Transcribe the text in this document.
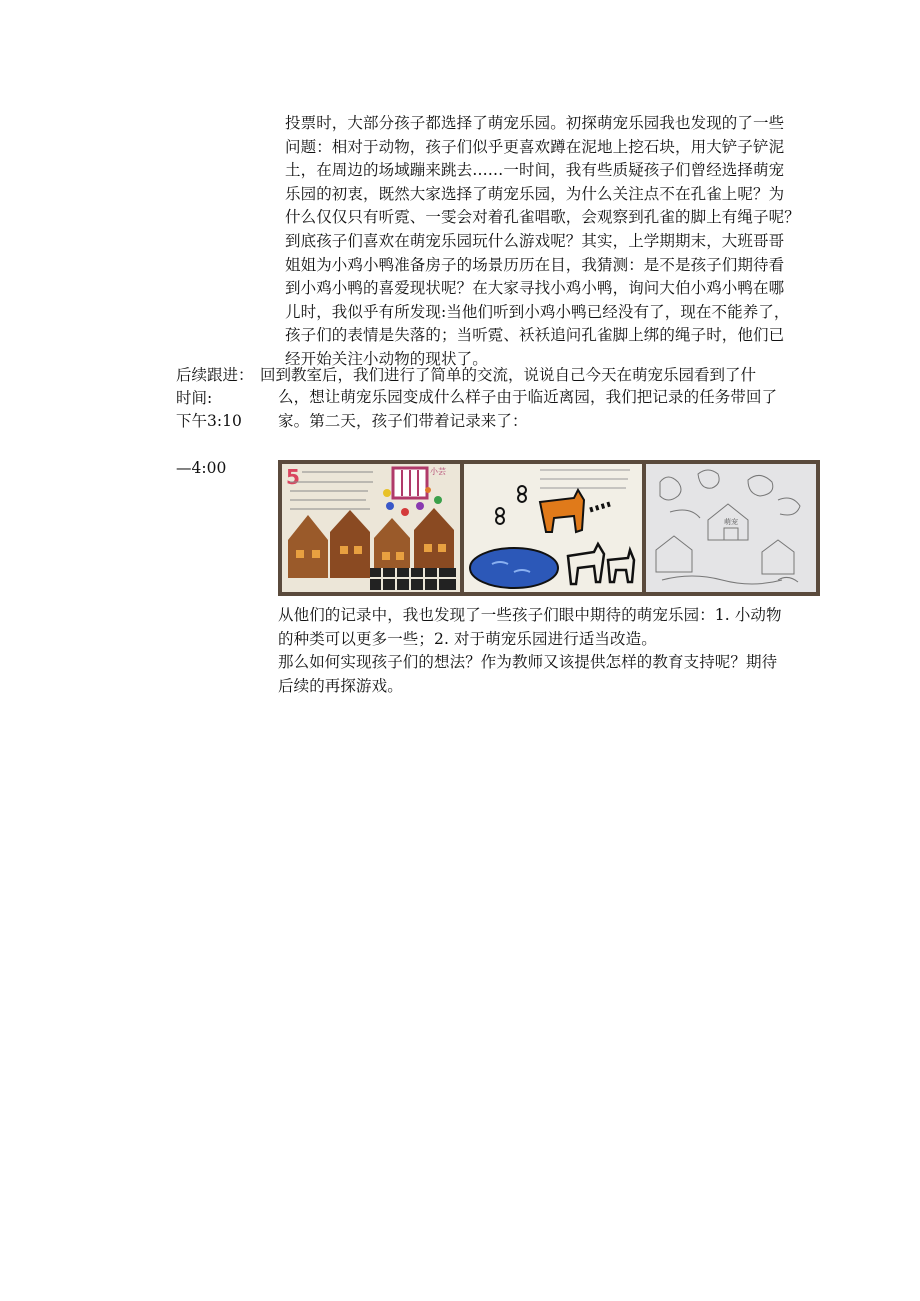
投票时，大部分孩子都选择了萌宠乐园。初探萌宠乐园我也发现的了一些
问题：相对于动物，孩子们似乎更喜欢蹲在泥地上挖石块，用大铲子铲泥
土，在周边的场域蹦来跳去……一时间，我有些质疑孩子们曾经选择萌宠
乐园的初衷，既然大家选择了萌宠乐园，为什么关注点不在孔雀上呢？为
什么仅仅只有听霓、一雯会对着孔雀唱歌，会观察到孔雀的脚上有绳子呢？
到底孩子们喜欢在萌宠乐园玩什么游戏呢？其实，上学期期末，大班哥哥
姐姐为小鸡小鸭准备房子的场景历历在目，我猜测：是不是孩子们期待看
到小鸡小鸭的喜爱现状呢？在大家寻找小鸡小鸭，询问大伯小鸡小鸭在哪
儿时，我似乎有所发现:当他们听到小鸡小鸭已经没有了，现在不能养了，
孩子们的表情是失落的；当听霓、袄袄追问孔雀脚上绑的绳子时，他们已
经开始关注小动物的现状了。

后续跟进： 回到教室后，我们进行了简单的交流，说说自己今天在萌宠乐园看到了什
时间:
下午3:10
—4:00

么，想让萌宠乐园变成什么样子由于临近离园，我们把记录的任务带回了
家。第二天，孩子们带着记录来了：

5	小芸
萌宠

从他们的记录中，我也发现了一些孩子们眼中期待的萌宠乐园：1. 小动物
的种类可以更多一些；2. 对于萌宠乐园进行适当改造。
那么如何实现孩子们的想法？作为教师又该提供怎样的教育支持呢？期待
后续的再探游戏。
